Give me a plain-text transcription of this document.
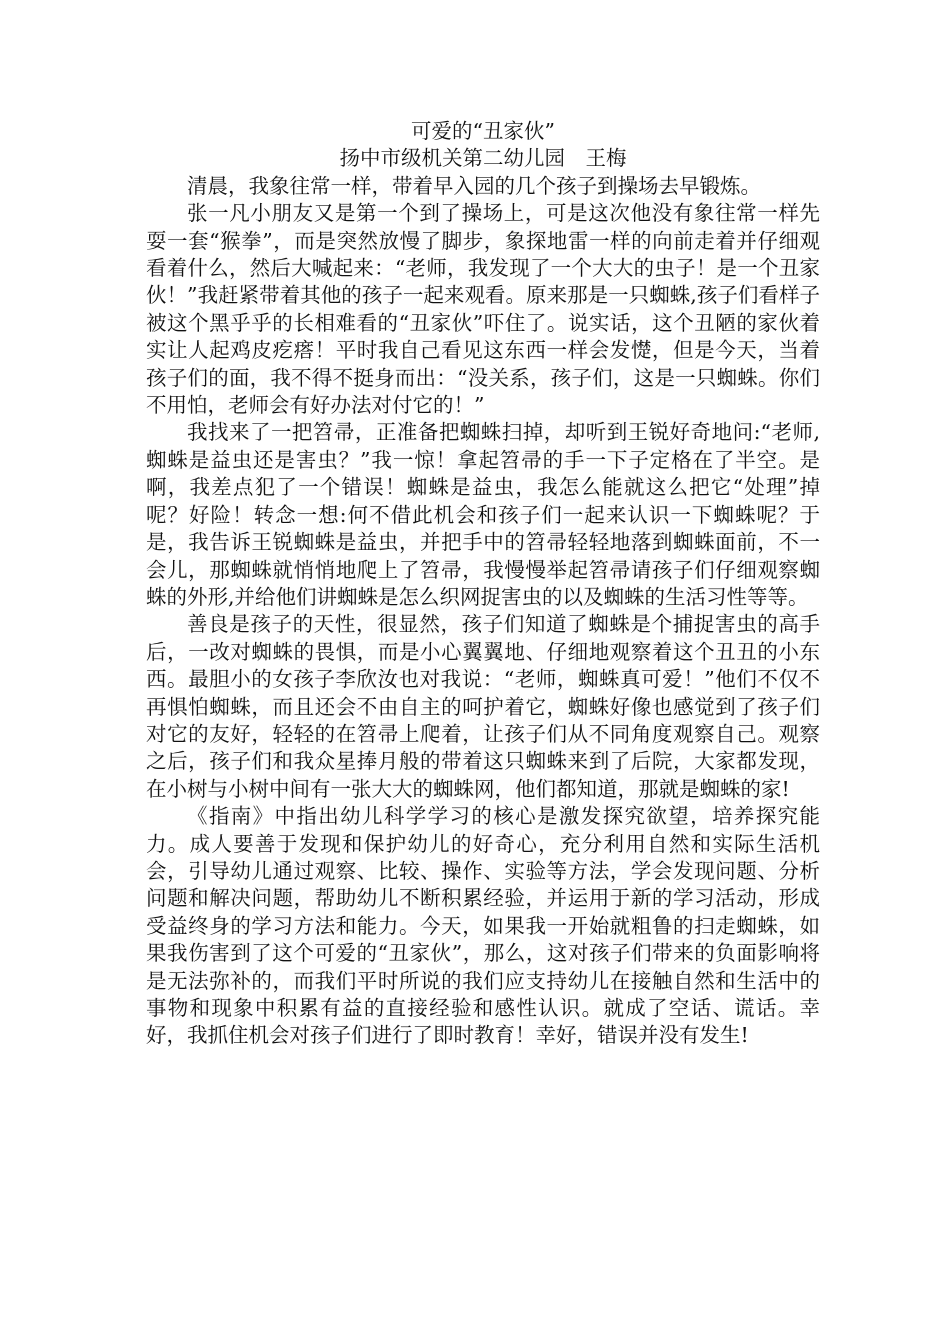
可爱的“丑家伙”

扬中市级机关第二幼儿园　王梅

清晨，我象往常一样，带着早入园的几个孩子到操场去早锻炼。

张一凡小朋友又是第一个到了操场上，可是这次他没有象往常一样先耍一套“猴拳”，而是突然放慢了脚步，象探地雷一样的向前走着并仔细观看着什么，然后大喊起来：“老师，我发现了一个大大的虫子！是一个丑家伙！”我赶紧带着其他的孩子一起来观看。原来那是一只蜘蛛,孩子们看样子被这个黑乎乎的长相难看的“丑家伙”吓住了。说实话，这个丑陋的家伙着实让人起鸡皮疙瘩！平时我自己看见这东西一样会发憷，但是今天，当着孩子们的面，我不得不挺身而出：“没关系，孩子们，这是一只蜘蛛。你们不用怕，老师会有好办法对付它的！”

我找来了一把笤帚，正准备把蜘蛛扫掉，却听到王锐好奇地问:“老师,蜘蛛是益虫还是害虫？”我一惊！拿起笤帚的手一下子定格在了半空。是啊，我差点犯了一个错误！蜘蛛是益虫，我怎么能就这么把它“处理”掉呢？好险！转念一想:何不借此机会和孩子们一起来认识一下蜘蛛呢？于是，我告诉王锐蜘蛛是益虫，并把手中的笤帚轻轻地落到蜘蛛面前，不一会儿，那蜘蛛就悄悄地爬上了笤帚，我慢慢举起笤帚请孩子们仔细观察蜘蛛的外形,并给他们讲蜘蛛是怎么织网捉害虫的以及蜘蛛的生活习性等等。

善良是孩子的天性，很显然，孩子们知道了蜘蛛是个捕捉害虫的高手后，一改对蜘蛛的畏惧，而是小心翼翼地、仔细地观察着这个丑丑的小东西。最胆小的女孩子李欣汝也对我说：“老师，蜘蛛真可爱！”他们不仅不再惧怕蜘蛛，而且还会不由自主的呵护着它，蜘蛛好像也感觉到了孩子们对它的友好，轻轻的在笤帚上爬着，让孩子们从不同角度观察自己。观察之后，孩子们和我众星捧月般的带着这只蜘蛛来到了后院，大家都发现，在小树与小树中间有一张大大的蜘蛛网，他们都知道，那就是蜘蛛的家!

《指南》中指出幼儿科学学习的核心是激发探究欲望，培养探究能力。成人要善于发现和保护幼儿的好奇心，充分利用自然和实际生活机会，引导幼儿通过观察、比较、操作、实验等方法，学会发现问题、分析问题和解决问题，帮助幼儿不断积累经验，并运用于新的学习活动，形成受益终身的学习方法和能力。今天，如果我一开始就粗鲁的扫走蜘蛛，如果我伤害到了这个可爱的“丑家伙”，那么，这对孩子们带来的负面影响将是无法弥补的，而我们平时所说的我们应支持幼儿在接触自然和生活中的事物和现象中积累有益的直接经验和感性认识。就成了空话、谎话。幸好，我抓住机会对孩子们进行了即时教育！幸好，错误并没有发生!
